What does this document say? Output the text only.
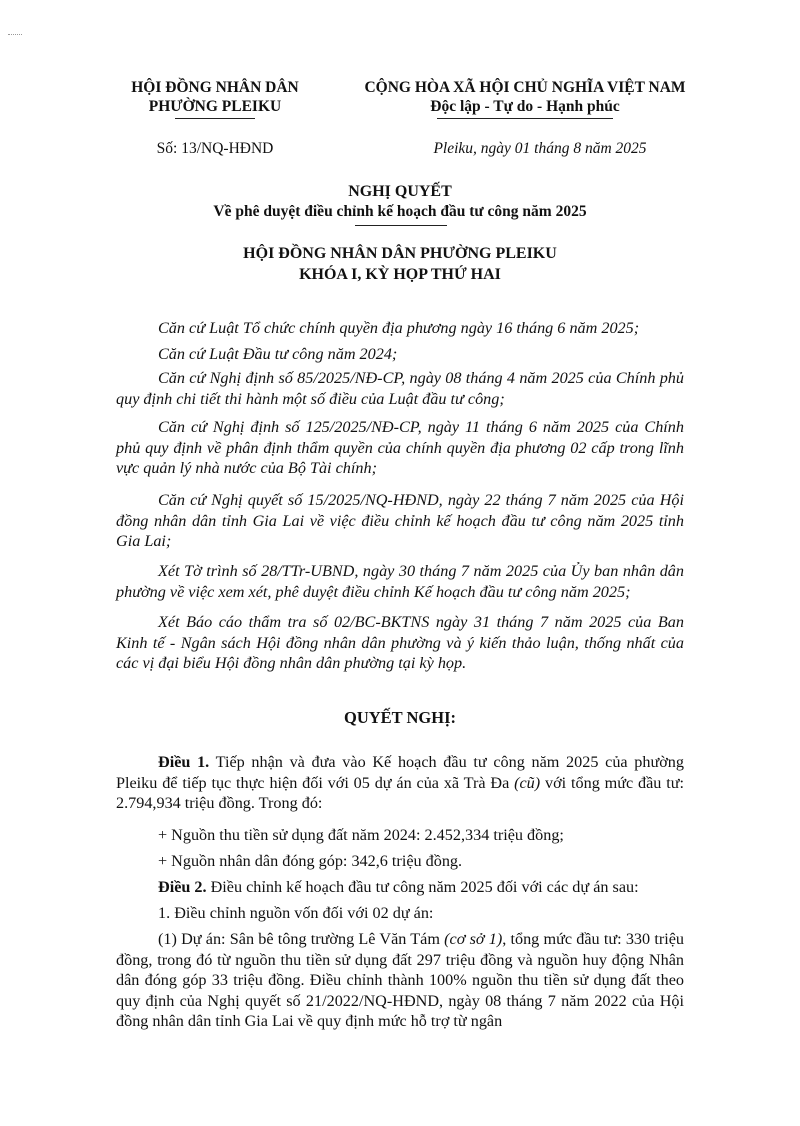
HỘI ĐỒNG NHÂN DÂN
PHƯỜNG PLEIKU
Số: 13/NQ-HĐND
CỘNG HÒA XÃ HỘI CHỦ NGHĨA VIỆT NAM
Độc lập - Tự do - Hạnh phúc
Pleiku, ngày 01 tháng 8 năm 2025
NGHỊ QUYẾT
Về phê duyệt điều chỉnh kế hoạch đầu tư công năm 2025
HỘI ĐỒNG NHÂN DÂN PHƯỜNG PLEIKU
KHÓA I, KỲ HỌP THỨ HAI
Căn cứ Luật Tổ chức chính quyền địa phương ngày 16 tháng 6 năm 2025;
Căn cứ Luật Đầu tư công năm 2024;
Căn cứ Nghị định số 85/2025/NĐ-CP, ngày 08 tháng 4 năm 2025 của Chính phủ quy định chi tiết thi hành một số điều của Luật đầu tư công;
Căn cứ Nghị định số 125/2025/NĐ-CP, ngày 11 tháng 6 năm 2025 của Chính phủ quy định về phân định thẩm quyền của chính quyền địa phương 02 cấp trong lĩnh vực quản lý nhà nước của Bộ Tài chính;
Căn cứ Nghị quyết số 15/2025/NQ-HĐND, ngày 22 tháng 7 năm 2025 của Hội đồng nhân dân tỉnh Gia Lai về việc điều chỉnh kế hoạch đầu tư công năm 2025 tỉnh Gia Lai;
Xét Tờ trình số 28/TTr-UBND, ngày 30 tháng 7 năm 2025 của Ủy ban nhân dân phường về việc xem xét, phê duyệt điều chỉnh Kế hoạch đầu tư công năm 2025;
Xét Báo cáo thẩm tra số 02/BC-BKTNS ngày 31 tháng 7 năm 2025 của Ban Kinh tế - Ngân sách Hội đồng nhân dân phường và ý kiến thảo luận, thống nhất của các vị đại biểu Hội đồng nhân dân phường tại kỳ họp.
QUYẾT NGHỊ:
Điều 1. Tiếp nhận và đưa vào Kế hoạch đầu tư công năm 2025 của phường Pleiku để tiếp tục thực hiện đối với 05 dự án của xã Trà Đa (cũ) với tổng mức đầu tư: 2.794,934 triệu đồng. Trong đó:
+ Nguồn thu tiền sử dụng đất năm 2024: 2.452,334 triệu đồng;
+ Nguồn nhân dân đóng góp: 342,6 triệu đồng.
Điều 2. Điều chỉnh kế hoạch đầu tư công năm 2025 đối với các dự án sau:
1. Điều chỉnh nguồn vốn đối với 02 dự án:
(1) Dự án: Sân bê tông trường Lê Văn Tám (cơ sở 1), tổng mức đầu tư: 330 triệu đồng, trong đó từ nguồn thu tiền sử dụng đất 297 triệu đồng và nguồn huy động Nhân dân đóng góp 33 triệu đồng. Điều chỉnh thành 100% nguồn thu tiền sử dụng đất theo quy định của Nghị quyết số 21/2022/NQ-HĐND, ngày 08 tháng 7 năm 2022 của Hội đồng nhân dân tỉnh Gia Lai về quy định mức hỗ trợ từ ngân
